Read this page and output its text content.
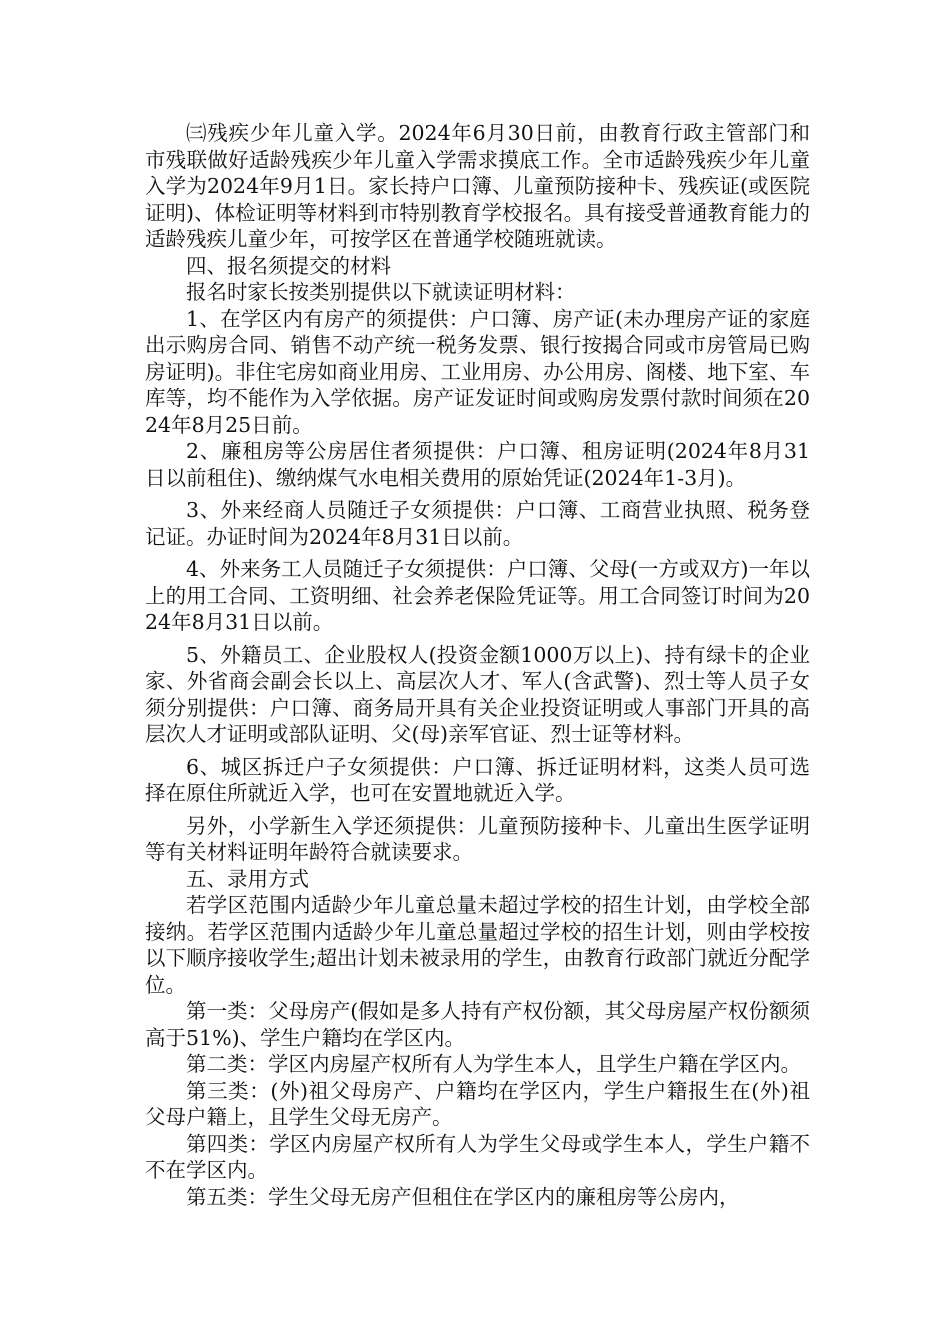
㈢残疾少年儿童入学。2024年6月30日前，由教育行政主管部门和市残联做好适龄残疾少年儿童入学需求摸底工作。全市适龄残疾少年儿童入学为2024年9月1日。家长持户口簿、儿童预防接种卡、残疾证(或医院证明)、体检证明等材料到市特别教育学校报名。具有接受普通教育能力的适龄残疾儿童少年，可按学区在普通学校随班就读。

四、报名须提交的材料

报名时家长按类别提供以下就读证明材料：

1、在学区内有房产的须提供：户口簿、房产证(未办理房产证的家庭出示购房合同、销售不动产统一税务发票、银行按揭合同或市房管局已购房证明)。非住宅房如商业用房、工业用房、办公用房、阁楼、地下室、车库等，均不能作为入学依据。房产证发证时间或购房发票付款时间须在2024年8月25日前。

2、廉租房等公房居住者须提供：户口簿、租房证明(2024年8月31日以前租住)、缴纳煤气水电相关费用的原始凭证(2024年1-3月)。

3、外来经商人员随迁子女须提供：户口簿、工商营业执照、税务登记证。办证时间为2024年8月31日以前。

4、外来务工人员随迁子女须提供：户口簿、父母(一方或双方)一年以上的用工合同、工资明细、社会养老保险凭证等。用工合同签订时间为2024年8月31日以前。

5、外籍员工、企业股权人(投资金额1000万以上)、持有绿卡的企业家、外省商会副会长以上、高层次人才、军人(含武警)、烈士等人员子女须分别提供：户口簿、商务局开具有关企业投资证明或人事部门开具的高层次人才证明或部队证明、父(母)亲军官证、烈士证等材料。

6、城区拆迁户子女须提供：户口簿、拆迁证明材料，这类人员可选择在原住所就近入学，也可在安置地就近入学。

另外，小学新生入学还须提供：儿童预防接种卡、儿童出生医学证明等有关材料证明年龄符合就读要求。

五、录用方式

若学区范围内适龄少年儿童总量未超过学校的招生计划，由学校全部接纳。若学区范围内适龄少年儿童总量超过学校的招生计划，则由学校按以下顺序接收学生;超出计划未被录用的学生，由教育行政部门就近分配学位。

第一类：父母房产(假如是多人持有产权份额，其父母房屋产权份额须高于51%)、学生户籍均在学区内。

第二类：学区内房屋产权所有人为学生本人，且学生户籍在学区内。

第三类：(外)祖父母房产、户籍均在学区内，学生户籍报生在(外)祖父母户籍上，且学生父母无房产。

第四类：学区内房屋产权所有人为学生父母或学生本人，学生户籍不不在学区内。

第五类：学生父母无房产但租住在学区内的廉租房等公房内，
